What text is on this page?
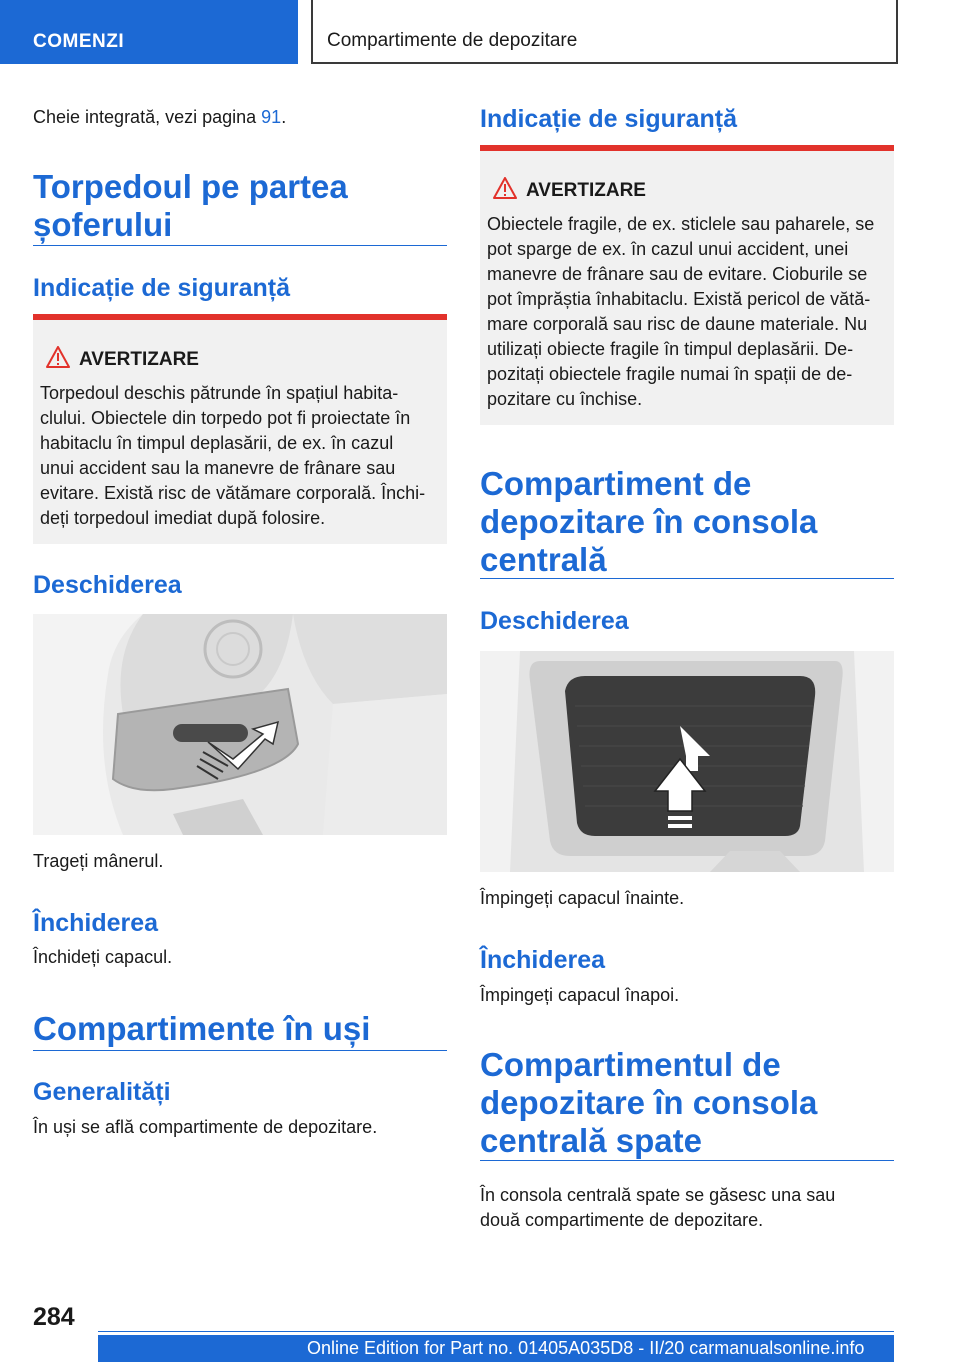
COMENZI	Compartimente de depozitare
Cheie integrată, vezi pagina 91.
Torpedoul pe partea
șoferului
Indicație de siguranță
AVERTIZARE
Torpedoul deschis pătrunde în spațiul habita-
clului. Obiectele din torpedo pot fi proiectate în
habitaclu în timpul deplasării, de ex. în cazul
unui accident sau la manevre de frânare sau
evitare. Există risc de vătămare corporală. Închi-
deți torpedoul imediat după folosire.
Deschiderea
Trageți mânerul.
Închiderea
Închideți capacul.
Compartimente în uși
Generalități
În uși se află compartimente de depozitare.
Indicație de siguranță
AVERTIZARE
Obiectele fragile, de ex. sticlele sau paharele, se
pot sparge de ex. în cazul unui accident, unei
manevre de frânare sau de evitare. Cioburile se
pot împrăștia înhabitaclu. Există pericol de vătă-
mare corporală sau risc de daune materiale. Nu
utilizați obiecte fragile în timpul deplasării. De-
pozitați obiectele fragile numai în spații de de-
pozitare cu închise.
Compartiment de
depozitare în consola
centrală
Deschiderea
Împingeți capacul înainte.
Închiderea
Împingeți capacul înapoi.
Compartimentul de
depozitare în consola
centrală spate
În consola centrală spate se găsesc una sau
două compartimente de depozitare.
284
Online Edition for Part no. 01405A035D8 - II/20 carmanualsonline.info
